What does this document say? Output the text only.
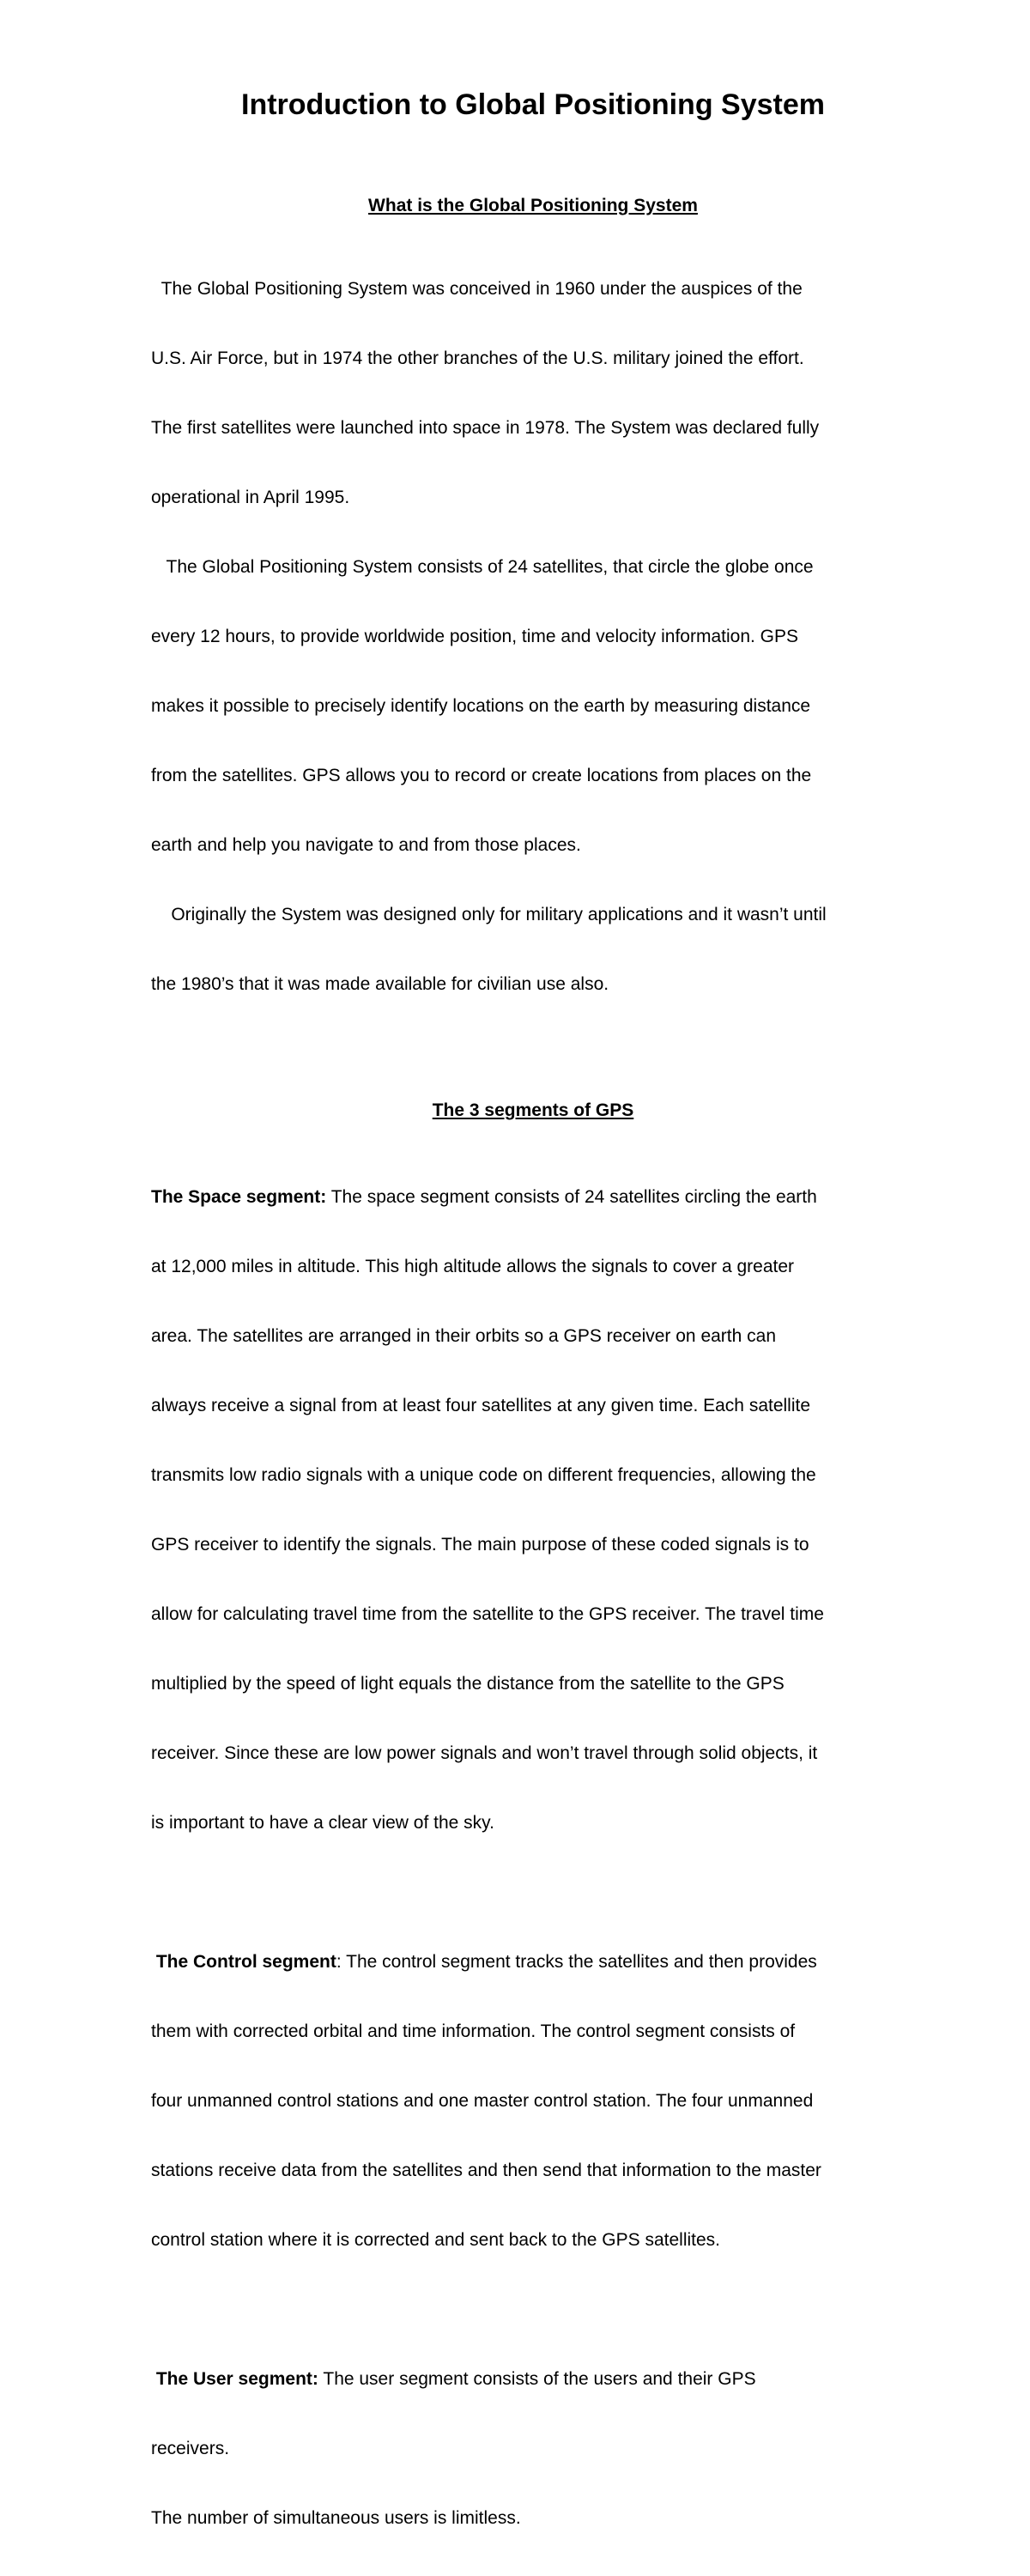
Introduction to Global Positioning System
What is the Global Positioning System

The Global Positioning System was conceived in 1960 under the auspices of the

U.S. Air Force, but in 1974 the other branches of the U.S. military joined the effort.

The first satellites were launched into space in 1978. The System was declared fully

operational in April 1995.

The Global Positioning System consists of 24 satellites, that circle the globe once

every 12 hours, to provide worldwide position, time and velocity information. GPS

makes it possible to precisely identify locations on the earth by measuring distance

from the satellites. GPS allows you to record or create locations from places on the

earth and help you navigate to and from those places.

Originally the System was designed only for military applications and it wasn’t until

the 1980’s that it was made available for civilian use also.

The 3 segments of GPS

The Space segment: The space segment consists of 24 satellites circling the earth

at 12,000 miles in altitude. This high altitude allows the signals to cover a greater

area. The satellites are arranged in their orbits so a GPS receiver on earth can

always receive a signal from at least four satellites at any given time. Each satellite

transmits low radio signals with a unique code on different frequencies, allowing the

GPS receiver to identify the signals. The main purpose of these coded signals is to

allow for calculating travel time from the satellite to the GPS receiver. The travel time

multiplied by the speed of light equals the distance from the satellite to the GPS

receiver. Since these are low power signals and won’t travel through solid objects, it

is important to have a clear view of the sky.

The Control segment: The control segment tracks the satellites and then provides

them with corrected orbital and time information. The control segment consists of

four unmanned control stations and one master control station. The four unmanned

stations receive data from the satellites and then send that information to the master

control station where it is corrected and sent back to the GPS satellites.

The User segment: The user segment consists of the users and their GPS

receivers.

The number of simultaneous users is limitless.
